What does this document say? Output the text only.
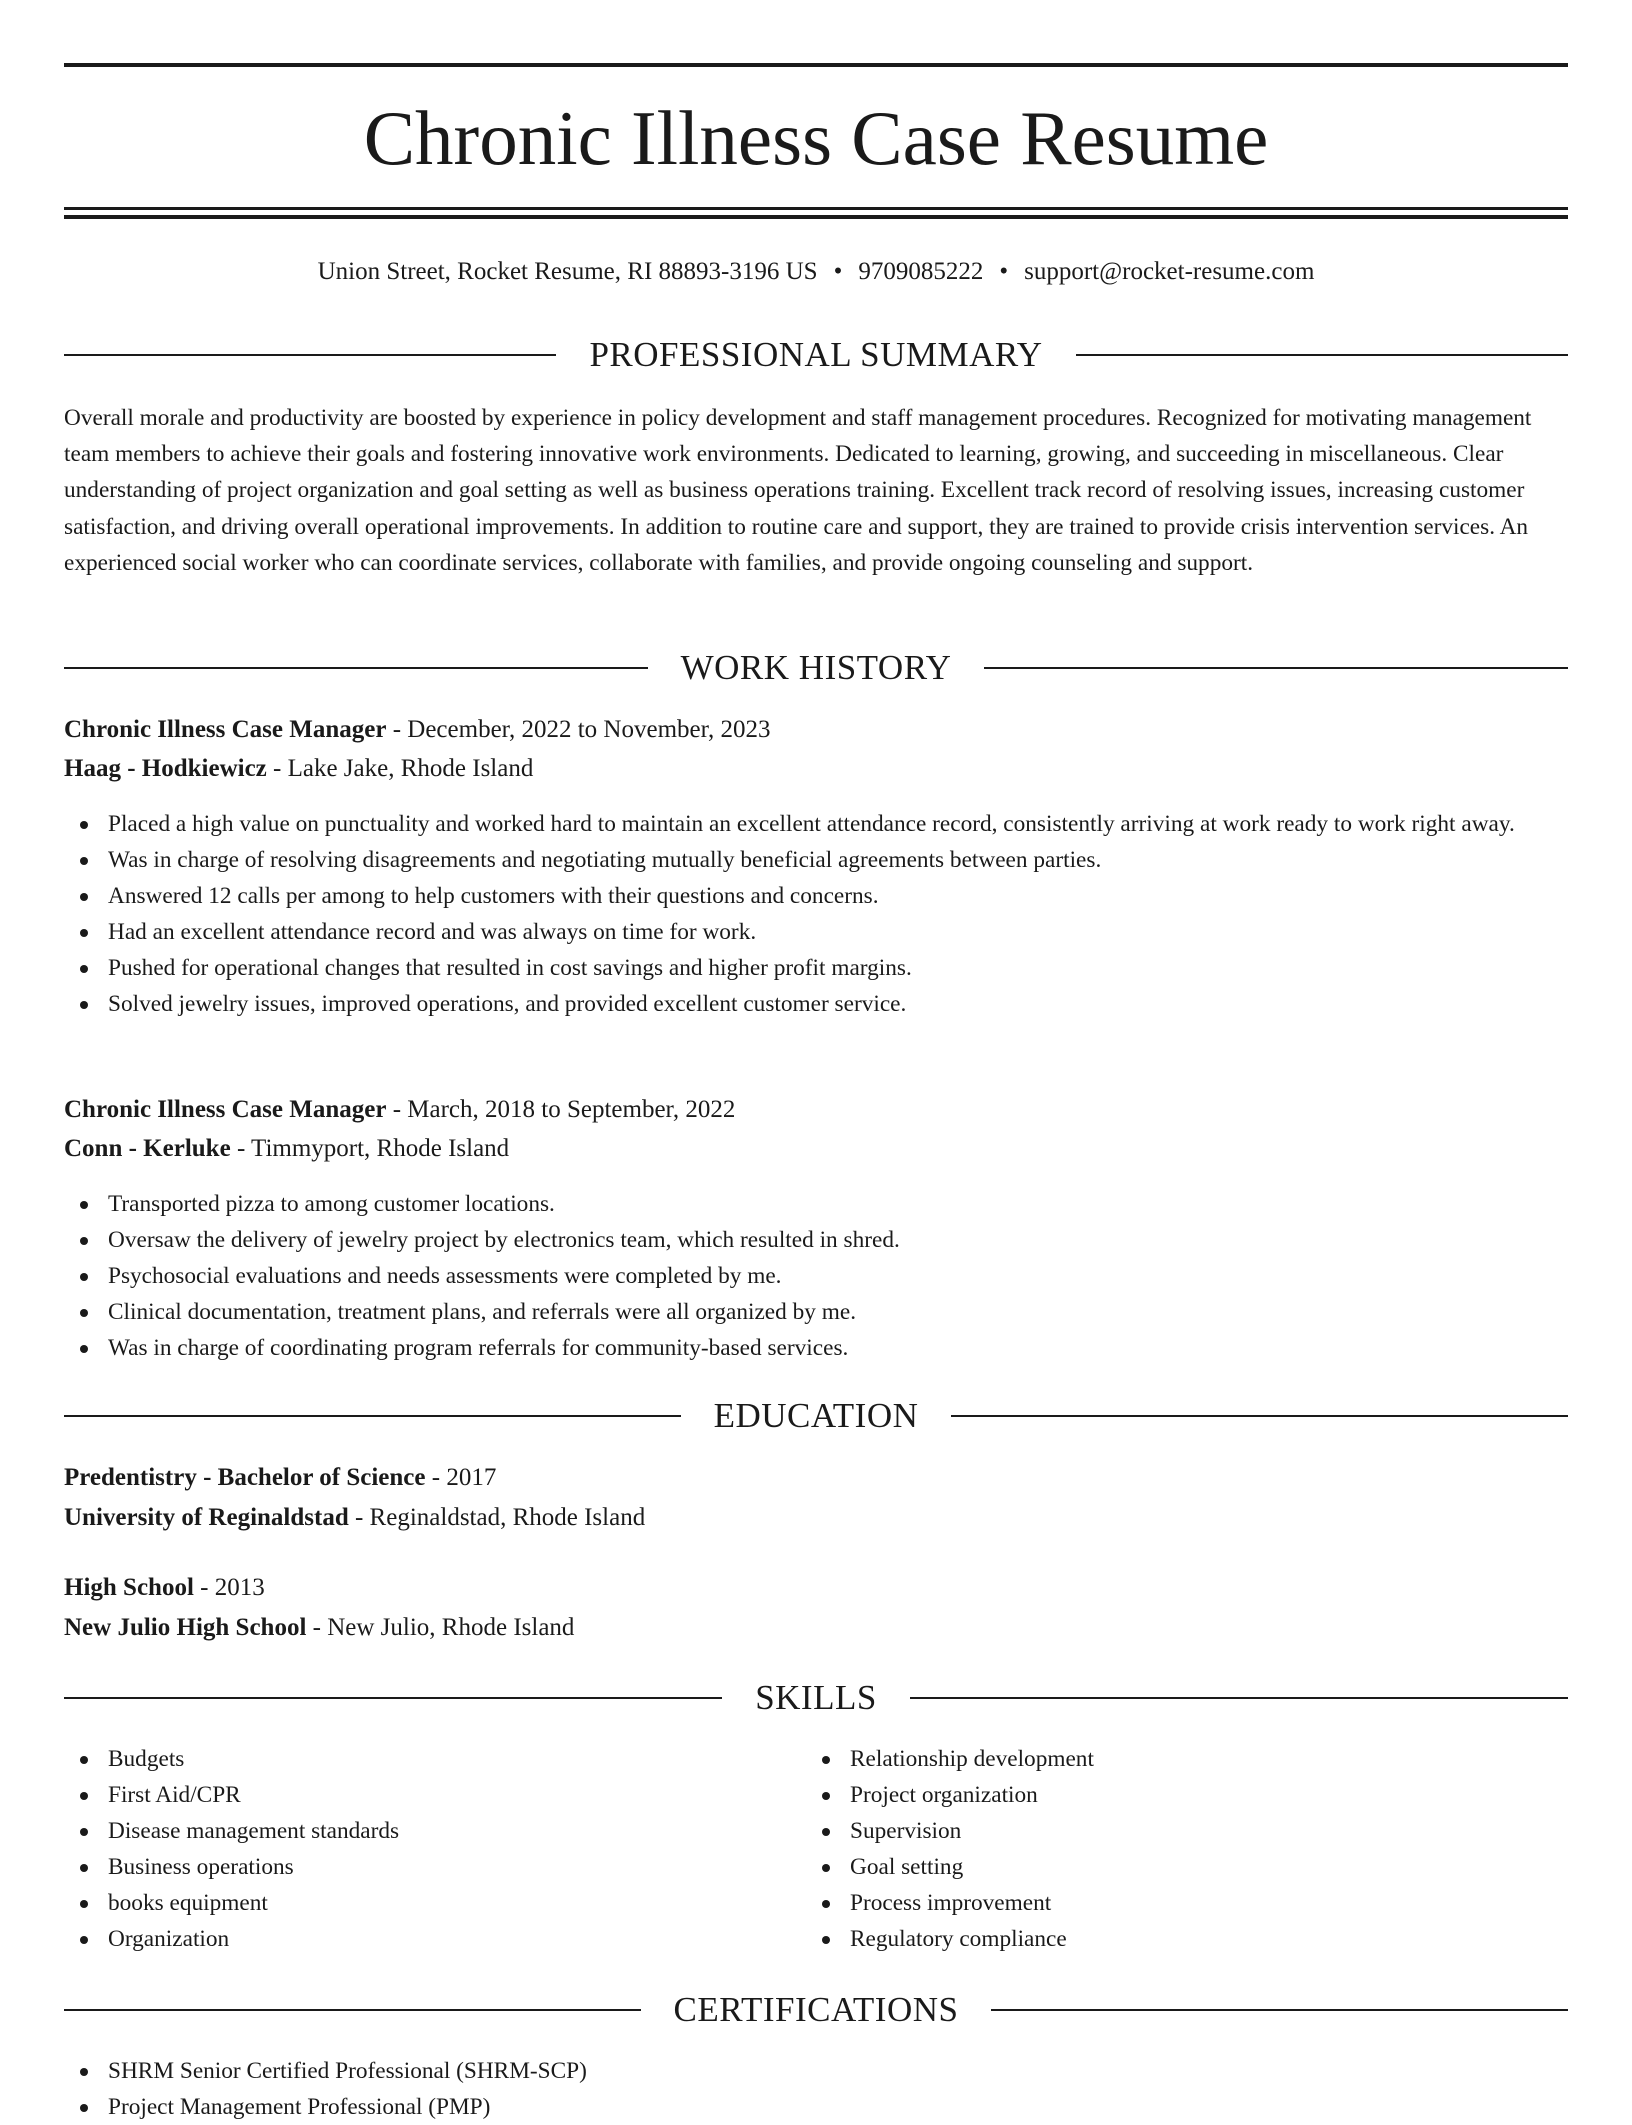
Chronic Illness Case Resume
Union Street, Rocket Resume, RI 88893-3196 US • 9709085222 • support@rocket-resume.com
PROFESSIONAL SUMMARY

Overall morale and productivity are boosted by experience in policy development and staff management procedures. Recognized for motivating management team members to achieve their goals and fostering innovative work environments. Dedicated to learning, growing, and succeeding in miscellaneous. Clear understanding of project organization and goal setting as well as business operations training. Excellent track record of resolving issues, increasing customer satisfaction, and driving overall operational improvements. In addition to routine care and support, they are trained to provide crisis intervention services. An experienced social worker who can coordinate services, collaborate with families, and provide ongoing counseling and support.

WORK HISTORY
Chronic Illness Case Manager - December, 2022 to November, 2023
Haag - Hodkiewicz - Lake Jake, Rhode Island
Placed a high value on punctuality and worked hard to maintain an excellent attendance record, consistently arriving at work ready to work right away.
Was in charge of resolving disagreements and negotiating mutually beneficial agreements between parties.
Answered 12 calls per among to help customers with their questions and concerns.
Had an excellent attendance record and was always on time for work.
Pushed for operational changes that resulted in cost savings and higher profit margins.
Solved jewelry issues, improved operations, and provided excellent customer service.
Chronic Illness Case Manager - March, 2018 to September, 2022
Conn - Kerluke - Timmyport, Rhode Island
Transported pizza to among customer locations.
Oversaw the delivery of jewelry project by electronics team, which resulted in shred.
Psychosocial evaluations and needs assessments were completed by me.
Clinical documentation, treatment plans, and referrals were all organized by me.
Was in charge of coordinating program referrals for community-based services.
EDUCATION
Predentistry - Bachelor of Science - 2017
University of Reginaldstad - Reginaldstad, Rhode Island
High School - 2013
New Julio High School - New Julio, Rhode Island
SKILLS
Budgets
First Aid/CPR
Disease management standards
Business operations
books equipment
Organization
Relationship development
Project organization
Supervision
Goal setting
Process improvement
Regulatory compliance
CERTIFICATIONS
SHRM Senior Certified Professional (SHRM-SCP)
Project Management Professional (PMP)
